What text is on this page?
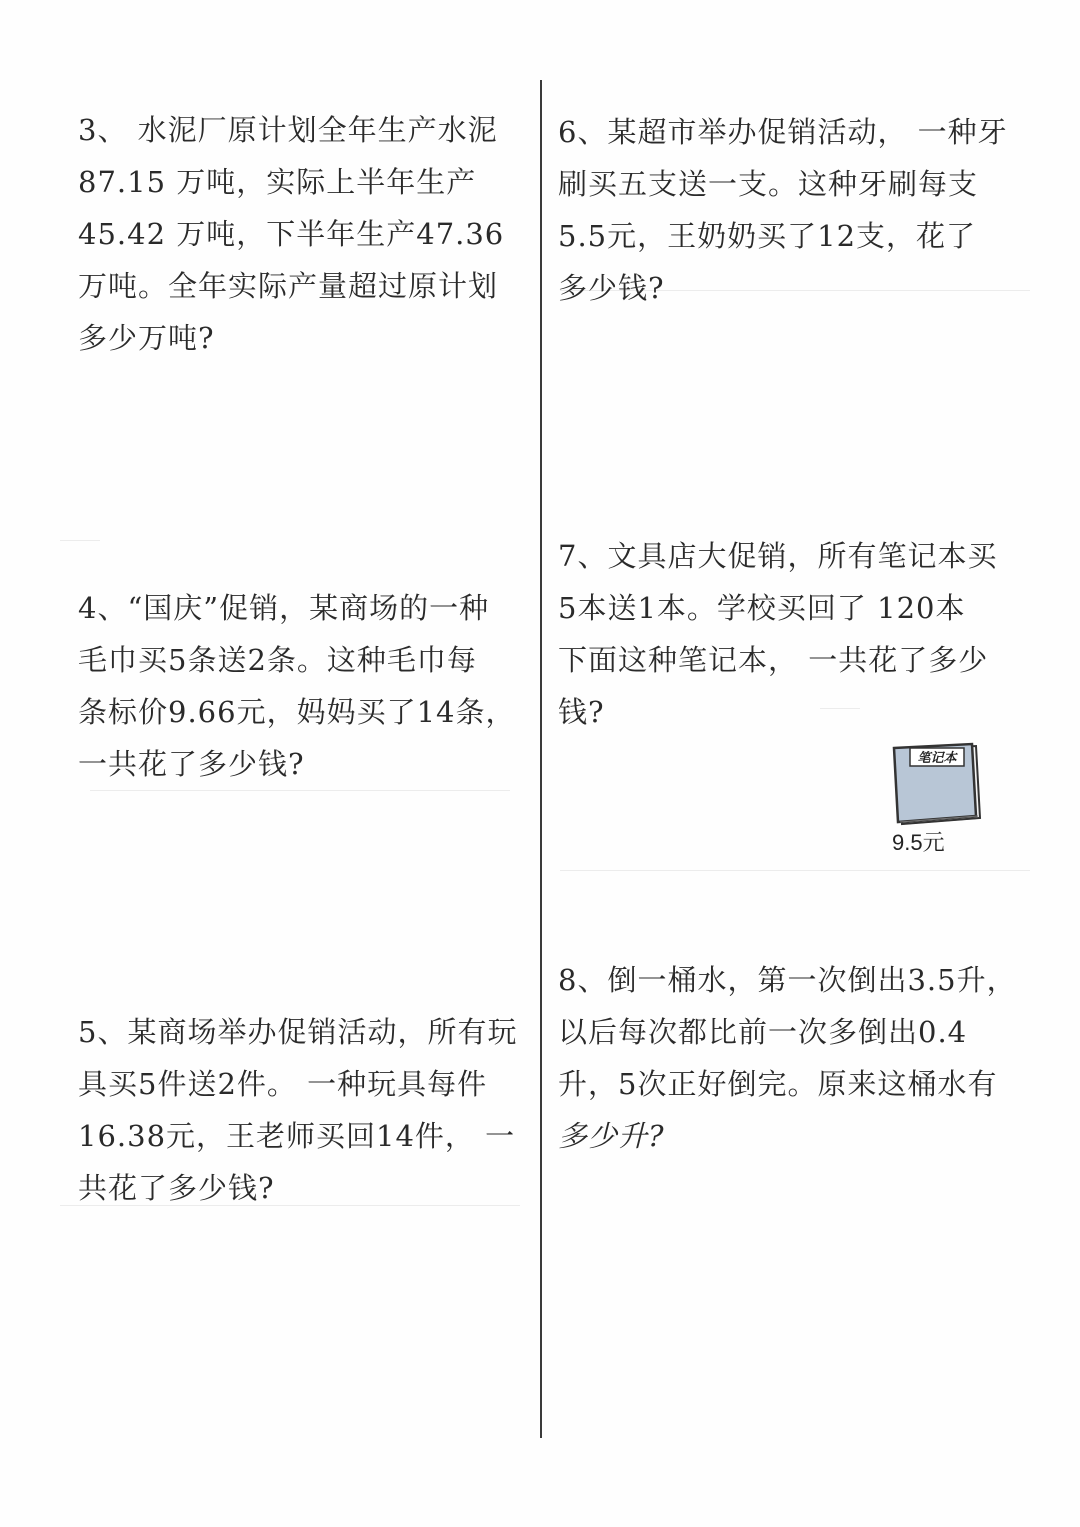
3、 水泥厂原计划全年生产水泥
87.15 万吨，实际上半年生产
45.42 万吨，下半年生产47.36
万吨。全年实际产量超过原计划
多少万吨?
4、“国庆”促销，某商场的一种
毛巾买5条送2条。这种毛巾每
条标价9.66元，妈妈买了14条，
一共花了多少钱?
5、某商场举办促销活动，所有玩
具买5件送2件。 一种玩具每件
16.38元，王老师买回14件， 一
共花了多少钱?
6、某超市举办促销活动， 一种牙
刷买五支送一支。这种牙刷每支
5.5元，王奶奶买了12支，花了
多少钱?
7、文具店大促销，所有笔记本买
5本送1本。学校买回了 120本
下面这种笔记本， 一共花了多少
钱?
笔记本
9.5元
8、倒一桶水，第一次倒出3.5升，
以后每次都比前一次多倒出0.4
升，5次正好倒完。原来这桶水有
多少升?
